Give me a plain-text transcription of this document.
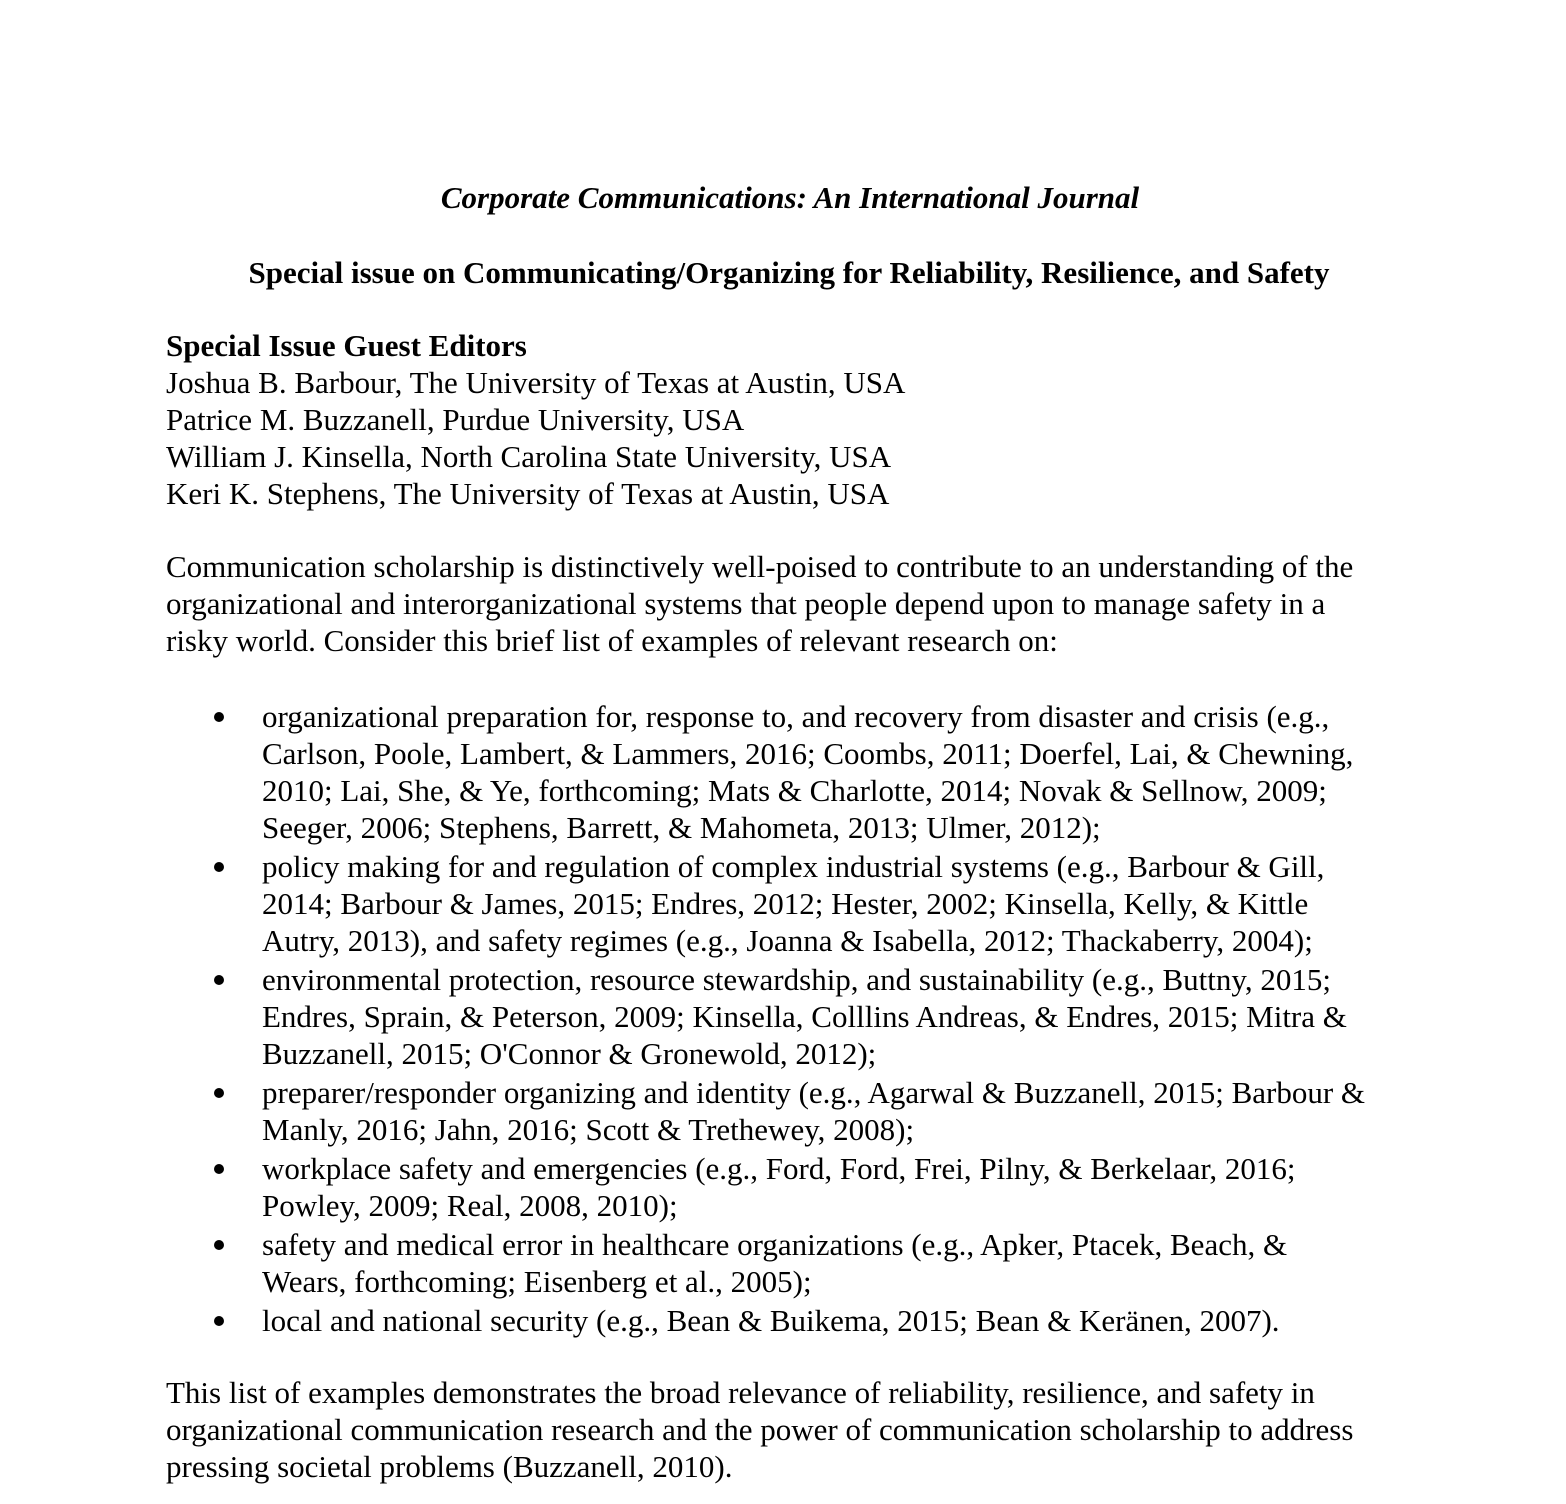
Corporate Communications: An International Journal
Special issue on Communicating/Organizing for Reliability, Resilience, and Safety
Special Issue Guest Editors
Joshua B. Barbour, The University of Texas at Austin, USA
Patrice M. Buzzanell, Purdue University, USA
William J. Kinsella, North Carolina State University, USA
Keri K. Stephens, The University of Texas at Austin, USA
Communication scholarship is distinctively well-poised to contribute to an understanding of the
organizational and interorganizational systems that people depend upon to manage safety in a
risky world. Consider this brief list of examples of relevant research on:
organizational preparation for, response to, and recovery from disaster and crisis (e.g.,
Carlson, Poole, Lambert, & Lammers, 2016; Coombs, 2011; Doerfel, Lai, & Chewning,
2010; Lai, She, & Ye, forthcoming; Mats & Charlotte, 2014; Novak & Sellnow, 2009;
Seeger, 2006; Stephens, Barrett, & Mahometa, 2013; Ulmer, 2012);
policy making for and regulation of complex industrial systems (e.g., Barbour & Gill,
2014; Barbour & James, 2015; Endres, 2012; Hester, 2002; Kinsella, Kelly, & Kittle
Autry, 2013), and safety regimes (e.g., Joanna & Isabella, 2012; Thackaberry, 2004);
environmental protection, resource stewardship, and sustainability (e.g., Buttny, 2015;
Endres, Sprain, & Peterson, 2009; Kinsella, Colllins Andreas, & Endres, 2015; Mitra &
Buzzanell, 2015; O'Connor & Gronewold, 2012);
preparer/responder organizing and identity (e.g., Agarwal & Buzzanell, 2015; Barbour &
Manly, 2016; Jahn, 2016; Scott & Trethewey, 2008);
workplace safety and emergencies (e.g., Ford, Ford, Frei, Pilny, & Berkelaar, 2016;
Powley, 2009; Real, 2008, 2010);
safety and medical error in healthcare organizations (e.g., Apker, Ptacek, Beach, &
Wears, forthcoming; Eisenberg et al., 2005);
local and national security (e.g., Bean & Buikema, 2015; Bean & Keränen, 2007).
This list of examples demonstrates the broad relevance of reliability, resilience, and safety in
organizational communication research and the power of communication scholarship to address
pressing societal problems (Buzzanell, 2010).
